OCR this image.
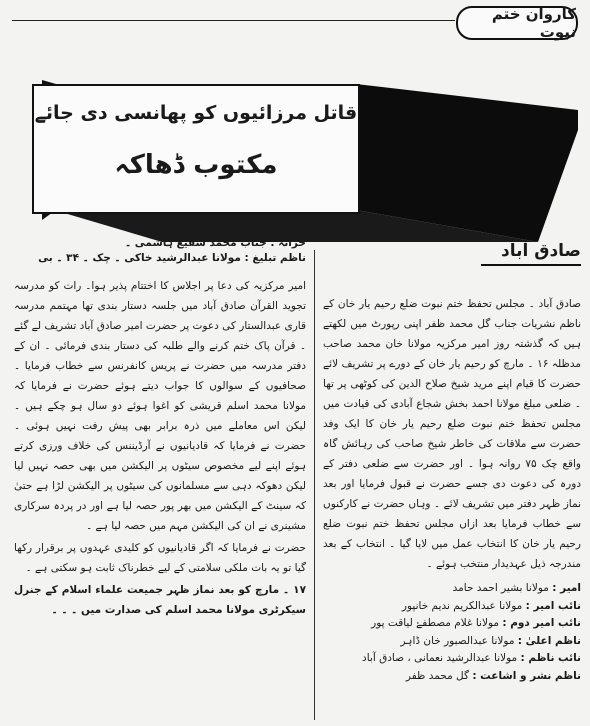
کاروان ختم نبوت
قاتل مرزائیوں کو پھانسی دی جائے
مکتوب ڈھاکہ
خزانہ : جناب محمد شفیع ہاشمی ۔
ناظم تبلیغ : مولانا عبدالرشید خاکی ۔ چک ۔ ۳۴ ۔ بی

امیر مرکزیہ کی دعا پر اجلاس کا اختتام پذیر ہوا۔ رات کو مدرسہ تجوید القرآن صادق آباد میں جلسہ دستار بندی تھا مہتمم مدرسہ قاری عبدالستار کی دعوت پر حضرت امیر صادق آباد تشریف لے گئے ۔ قرآن پاک ختم کرنے والے طلبہ کی دستار بندی فرمائی ۔ ان کے دفتر مدرسہ میں حضرت نے پریس کانفرنس سے خطاب فرمایا ۔ صحافیوں کے سوالوں کا جواب دیتے ہوئے حضرت نے فرمایا کہ مولانا محمد اسلم قریشی کو اغوا ہوئے دو سال ہو چکے ہیں ۔ لیکن اس معاملے میں ذرہ برابر بھی پیش رفت نہیں ہوئی ۔ حضرت نے فرمایا کہ قادیانیوں نے آرڈیننس کی خلاف ورزی کرتے ہوئے اپنے لیے مخصوص سیٹوں پر الیکشن میں بھی حصہ نہیں لیا لیکن دھوکہ دہی سے مسلمانوں کی سیٹوں پر الیکشن لڑا ہے حتیٰ کہ سینٹ کے الیکشن میں بھر پور حصہ لیا ہے اور در پردہ سرکاری مشینری نے ان کی الیکشن مہم میں حصہ لیا ہے ۔

حضرت نے فرمایا کہ اگر قادیانیوں کو کلیدی عہدوں پر برقرار رکھا گیا تو یہ بات ملکی سلامتی کے لیے خطرناک ثابت ہو سکتی ہے ۔

۱۷ ۔ مارچ کو بعد نماز ظہر جمیعت علماء اسلام کے جنرل سیکرٹری مولانا محمد اسلم کی صدارت میں ۔ ۔ ۔

صادق آباد

صادق آباد ۔ مجلس تحفظ ختم نبوت ضلع رحیم یار خان کے ناظم نشریات جناب گل محمد ظفر اپنی رپورٹ میں لکھتے ہیں کہ گذشتہ روز امیر مرکزیہ مولانا خان محمد صاحب مدظلہ ۱۶ ۔ مارچ کو رحیم یار خان کے دورے پر تشریف لائے حضرت کا قیام اپنے مرید شیخ صلاح الدین کی کوٹھی پر تھا ۔ ضلعی مبلغ مولانا احمد بخش شجاع آبادی کی قیادت میں مجلس تحفظ ختم نبوت ضلع رحیم یار خان کا ایک وفد حضرت سے ملاقات کی خاطر شیخ صاحب کی رہائش گاہ واقع چک ۷۵ روانہ ہوا ۔ اور حضرت سے ضلعی دفتر کے دورہ کی دعوت دی جسے حضرت نے قبول فرمایا اور بعد نماز ظہر دفتر میں تشریف لائے ۔ وہاں حضرت نے کارکنوں سے خطاب فرمایا بعد ازاں مجلس تحفظ ختم نبوت ضلع رحیم یار خان کا انتخاب عمل میں لایا گیا ۔ انتخاب کے بعد مندرجہ ذیل عہدیدار منتخب ہوئے ۔

امیر : مولانا بشیر احمد حامد

نائب امیر : مولانا عبدالکریم ندیم خانپور

نائب امیر دوم : مولانا غلام مصطفےٰ لیاقت پور

ناظم اعلیٰ : مولانا عبدالصبور خان ڈاہر

نائب ناظم : مولانا عبدالرشید نعمانی ، صادق آباد

ناظم نشر و اشاعت : گل محمد ظفر
